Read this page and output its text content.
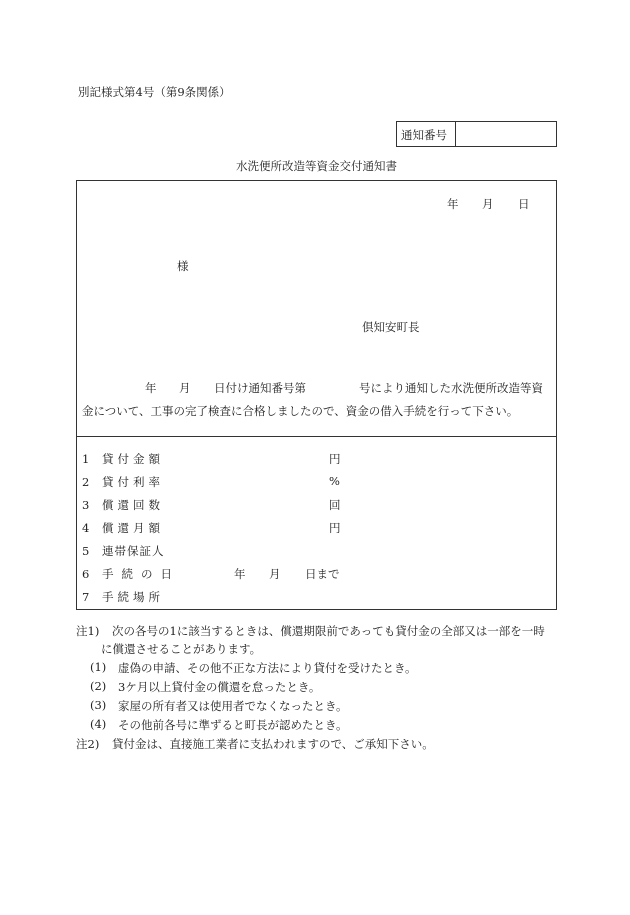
別記様式第4号（第9条関係）
通知番号
水洗便所改造等資金交付通知書
年 月 日
様
倶知安町長
年 月 日付け通知番号第	号により通知した水洗便所改造等資
金について、工事の完了検査に合格しましたので、資金の借入手続を行って下さい。
1 貸付金額	円
2 貸付利率	%
3 償還回数	回
4 償還月額	円
5 連帯保証人
6 手続の日	年 月 日まで
7 手続場所
注1) 次の各号の1に該当するときは、償還期限前であっても貸付金の全部又は一部を一時
に償還させることがあります。
(1) 虚偽の申請、その他不正な方法により貸付を受けたとき。
(2) 3ケ月以上貸付金の償還を怠ったとき。
(3) 家屋の所有者又は使用者でなくなったとき。
(4) その他前各号に準ずると町長が認めたとき。
注2) 貸付金は、直接施工業者に支払われますので、ご承知下さい。
